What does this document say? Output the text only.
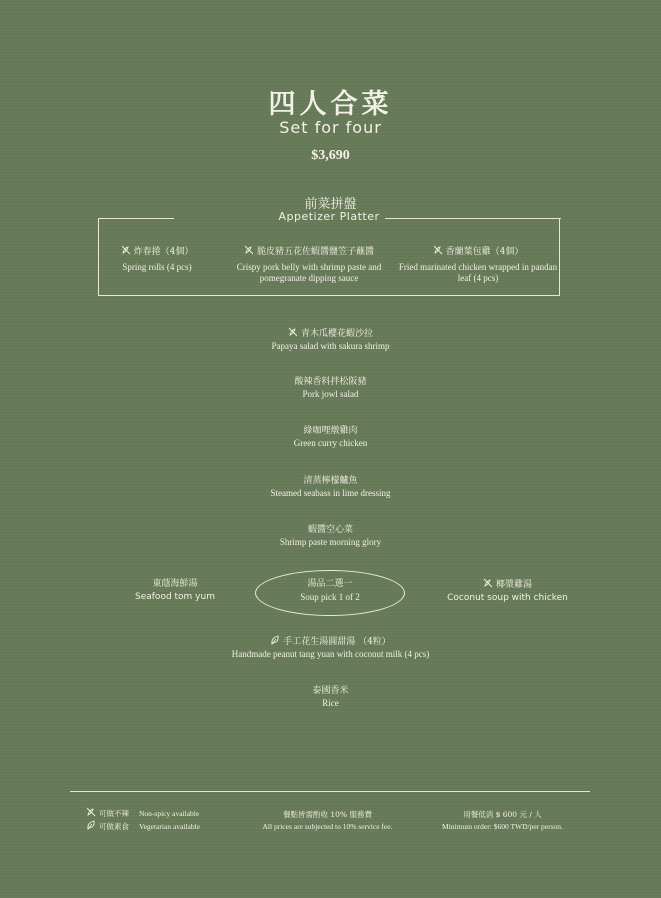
四人合菜
Set for four
$3,690
前菜拼盤
Appetizer Platter
炸春捲（4個）
Spring rolls (4 pcs)
脆皮豬五花佐蝦醬鹽笠子蘸醬
Crispy pork belly with shrimp paste and pomegranate dipping sauce
香蘭葉包雞（4個）
Fried marinated chicken wrapped in pandan leaf (4 pcs)
青木瓜櫻花蝦沙拉
Papaya salad with sakura shrimp
酸辣香料拌松阪豬
Pork jowl salad
綠咖哩燉雞肉
Green curry chicken
清蒸檸檬鱸魚
Steamed seabass in lime dressing
蝦醬空心菜
Shrimp paste morning glory
東蔭海鮮湯
Seafood tom yum
湯品二選一
Soup pick 1 of 2
椰漿雞湯
Coconut soup with chicken
手工花生湯圓甜湯 （4粒）
Handmade peanut tang yuan with coconut milk (4 pcs)
泰國香米
Rice
可做不辣 Non-spicy available
可做素食 Vegetarian available
餐點皆需酌收 10% 服務費
All prices are subjected to 10% service fee.
用餐低消 $ 600 元 / 人
Minimum order: $600 TWD/per person.
